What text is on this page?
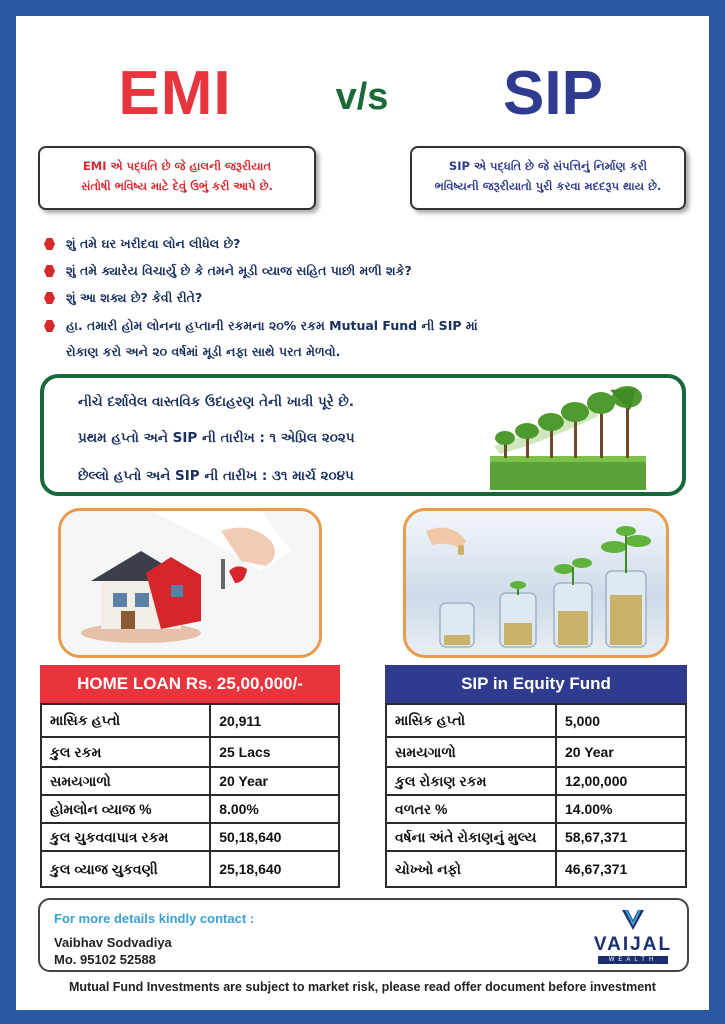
EMI	v/s	SIP
EMI એ પદ્ધતિ છે જે હાલની જરૂરીયાત
સંતોષી ભવિષ્ય માટે દેવું ઉભું કરી આપે છે.
SIP એ પદ્ધતિ છે જે સંપત્તિનું નિર્માણ કરી
ભવિષ્યની જરૂરીયાતો પુરી કરવા મદદરૂપ થાય છે.
શું તમે ઘર ખરીદવા લોન લીધેલ છે?
શું તમે ક્યારેય વિચાર્યુ છે કે તમને મૂડી વ્યાજ સહિત પાછી મળી શકે?
શું આ શક્ય છે? કેવી રીતે?
હા. તમારી હોમ લોનના હપ્તાની રકમના ૨૦% રકમ Mutual Fund ની SIP માં
રોકાણ કરો અને ૨૦ વર્ષમાં મૂડી નફા સાથે પરત મેળવો.
નીચે દર્શાવેલ વાસ્તવિક ઉદાહરણ તેની ખાત્રી પૂરે છે.
પ્રથમ હપ્તો અને SIP ની તારીખ : ૧ એપ્રિલ ૨૦૨૫
છેલ્લો હપ્તો અને SIP ની તારીખ : ૩૧ માર્ચ ૨૦૪૫
HOME LOAN Rs. 25,00,000/-
માસિક હપ્તો	20,911
કુલ રકમ	25 Lacs
સમયગાળો	20 Year
હોમલોન વ્યાજ %	8.00%
કુલ ચુકવવાપાત્ર રકમ	50,18,640
કુલ વ્યાજ ચુકવણી	25,18,640
SIP in Equity Fund
માસિક હપ્તો	5,000
સમયગાળો	20 Year
કુલ રોકાણ રકમ	12,00,000
વળતર %	14.00%
વર્ષના અંતે રોકાણનું મુલ્ય	58,67,371
ચોખ્ખો નફો	46,67,371
For more details kindly contact :
Vaibhav Sodvadiya
Mo. 95102 52588
VAIJAL
WEALTH
Mutual Fund Investments are subject to market risk, please read offer document before investment
